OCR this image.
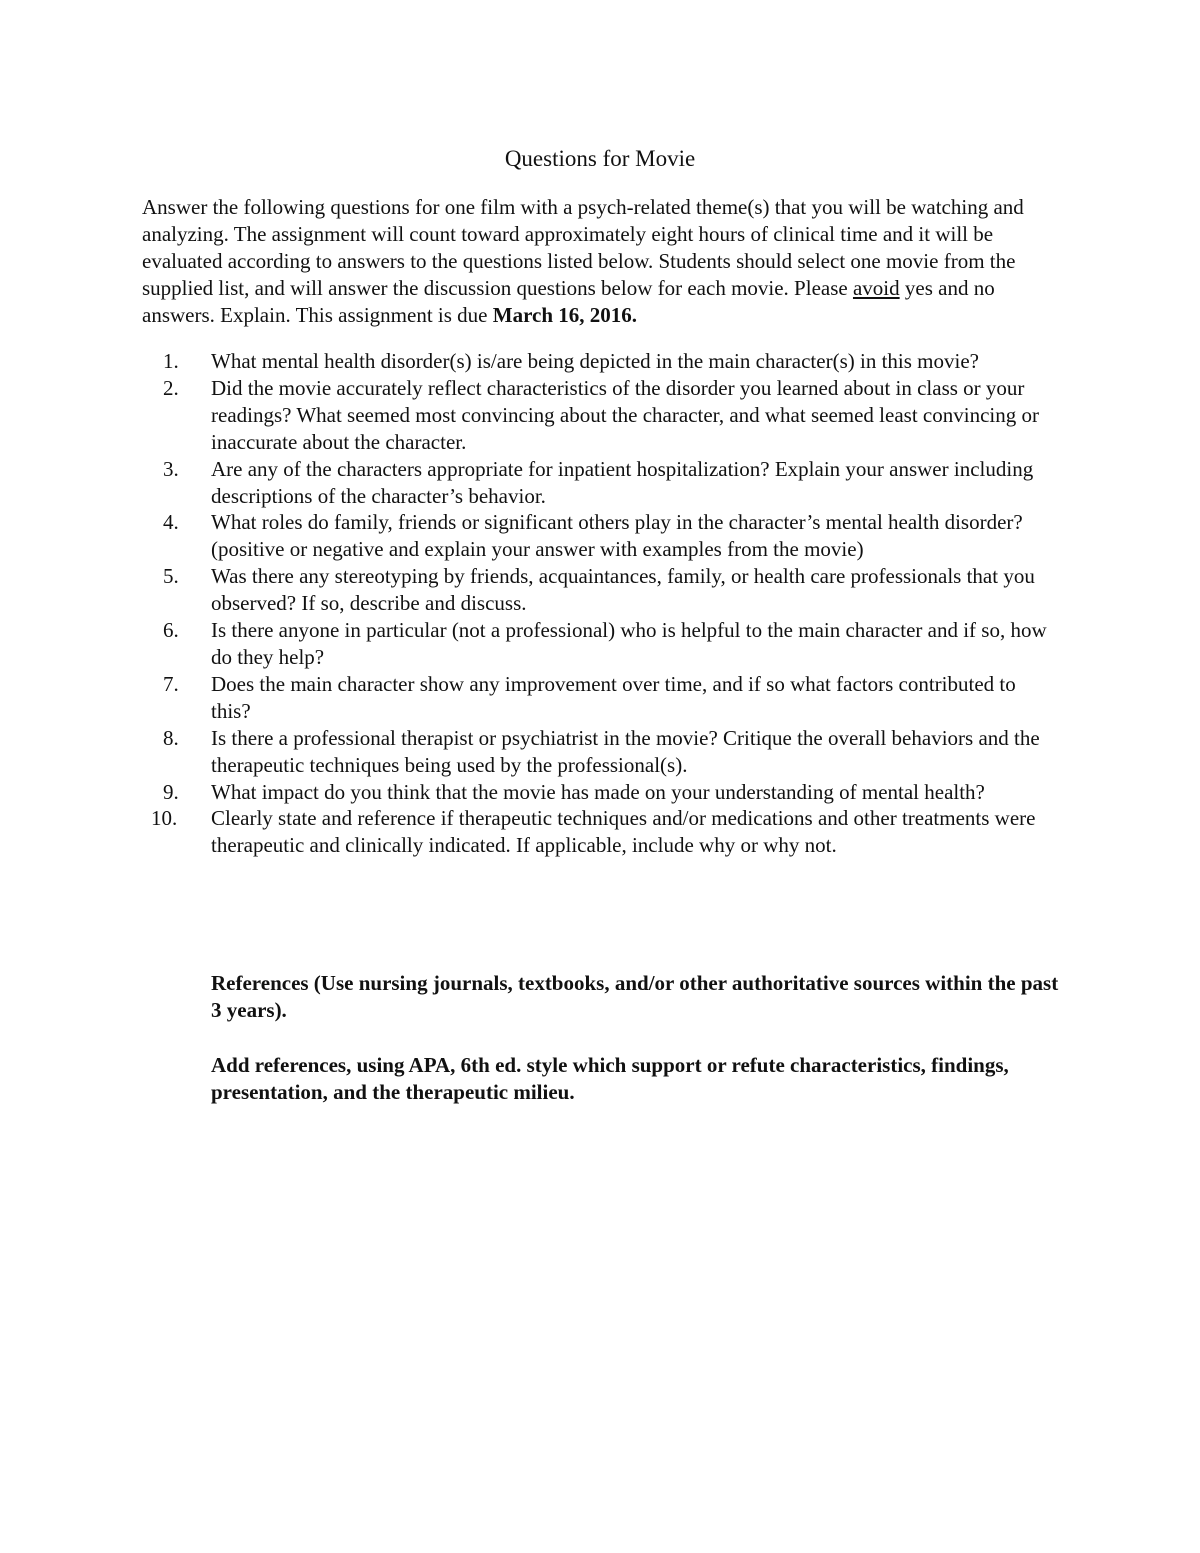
Questions for Movie

Answer the following questions for one film with a psych-related theme(s) that you will be watching and analyzing. The assignment will count toward approximately eight hours of clinical time and it will be evaluated according to answers to the questions listed below. Students should select one movie from the supplied list, and will answer the discussion questions below for each movie. Please avoid yes and no answers. Explain. This assignment is due March 16, 2016.

1. What mental health disorder(s) is/are being depicted in the main character(s) in this movie?
2. Did the movie accurately reflect characteristics of the disorder you learned about in class or your readings? What seemed most convincing about the character, and what seemed least convincing or inaccurate about the character.
3. Are any of the characters appropriate for inpatient hospitalization? Explain your answer including descriptions of the character’s behavior.
4. What roles do family, friends or significant others play in the character’s mental health disorder? (positive or negative and explain your answer with examples from the movie)
5. Was there any stereotyping by friends, acquaintances, family, or health care professionals that you observed? If so, describe and discuss.
6. Is there anyone in particular (not a professional) who is helpful to the main character and if so, how do they help?
7. Does the main character show any improvement over time, and if so what factors contributed to this?
8. Is there a professional therapist or psychiatrist in the movie? Critique the overall behaviors and the therapeutic techniques being used by the professional(s).
9. What impact do you think that the movie has made on your understanding of mental health?
10. Clearly state and reference if therapeutic techniques and/or medications and other treatments were therapeutic and clinically indicated. If applicable, include why or why not.

References (Use nursing journals, textbooks, and/or other authoritative sources within the past 3 years).

Add references, using APA, 6th ed. style which support or refute characteristics, findings, presentation, and the therapeutic milieu.
